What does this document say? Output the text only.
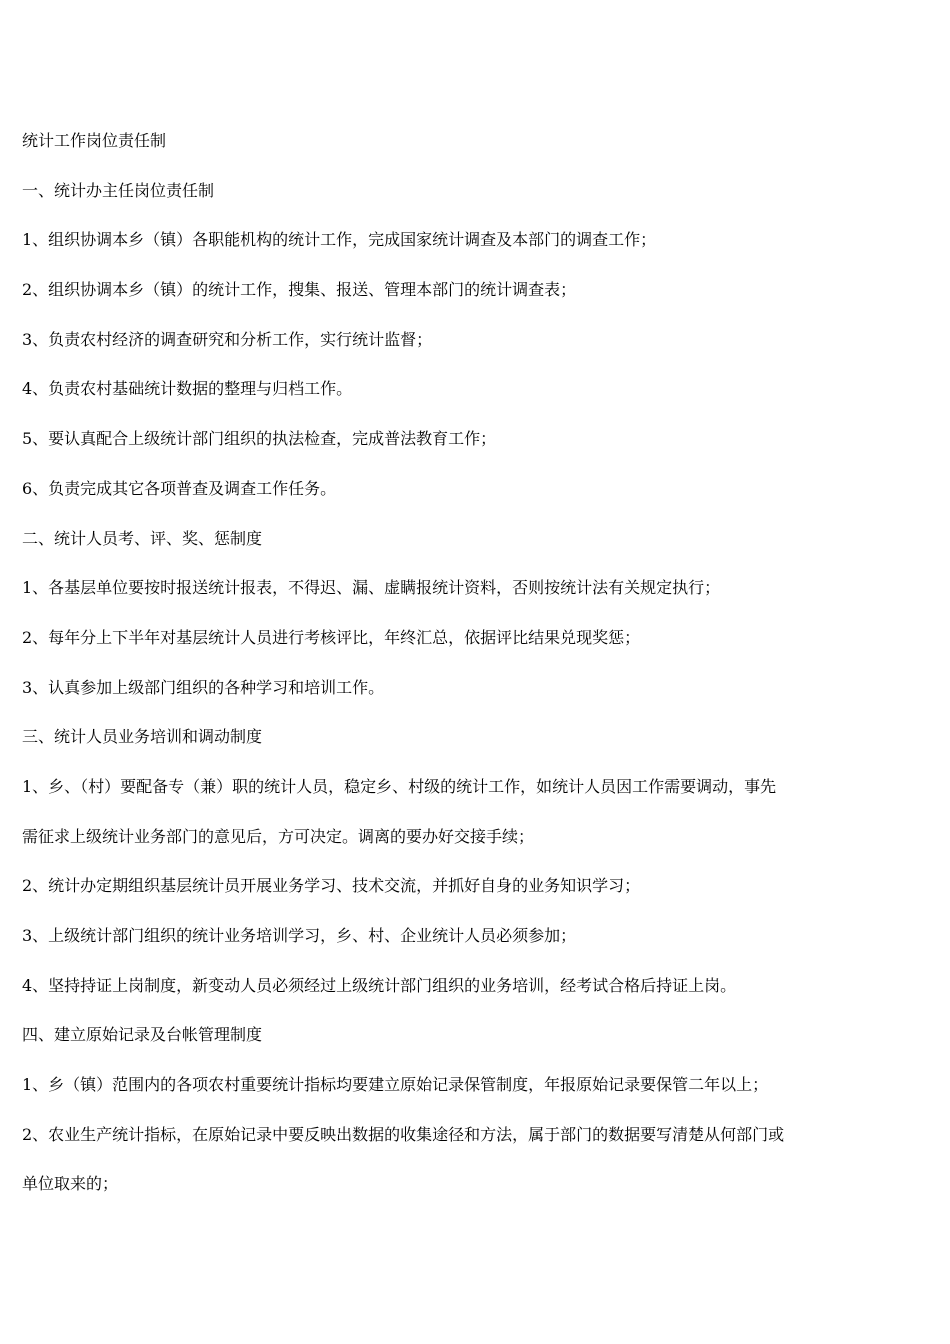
统计工作岗位责任制
一、统计办主任岗位责任制
1、组织协调本乡（镇）各职能机构的统计工作，完成国家统计调查及本部门的调查工作；
2、组织协调本乡（镇）的统计工作，搜集、报送、管理本部门的统计调查表；
3、负责农村经济的调查研究和分析工作，实行统计监督；
4、负责农村基础统计数据的整理与归档工作。
5、要认真配合上级统计部门组织的执法检查，完成普法教育工作；
6、负责完成其它各项普查及调查工作任务。
二、统计人员考、评、奖、惩制度
1、各基层单位要按时报送统计报表，不得迟、漏、虚瞒报统计资料，否则按统计法有关规定执行；
2、每年分上下半年对基层统计人员进行考核评比，年终汇总，依据评比结果兑现奖惩；
3、认真参加上级部门组织的各种学习和培训工作。
三、统计人员业务培训和调动制度
1、乡、（村）要配备专（兼）职的统计人员，稳定乡、村级的统计工作，如统计人员因工作需要调动，事先
需征求上级统计业务部门的意见后，方可决定。调离的要办好交接手续；
2、统计办定期组织基层统计员开展业务学习、技术交流，并抓好自身的业务知识学习；
3、上级统计部门组织的统计业务培训学习，乡、村、企业统计人员必须参加；
4、坚持持证上岗制度，新变动人员必须经过上级统计部门组织的业务培训，经考试合格后持证上岗。
四、建立原始记录及台帐管理制度
1、乡（镇）范围内的各项农村重要统计指标均要建立原始记录保管制度，年报原始记录要保管二年以上；
2、农业生产统计指标，在原始记录中要反映出数据的收集途径和方法，属于部门的数据要写清楚从何部门或
单位取来的；
